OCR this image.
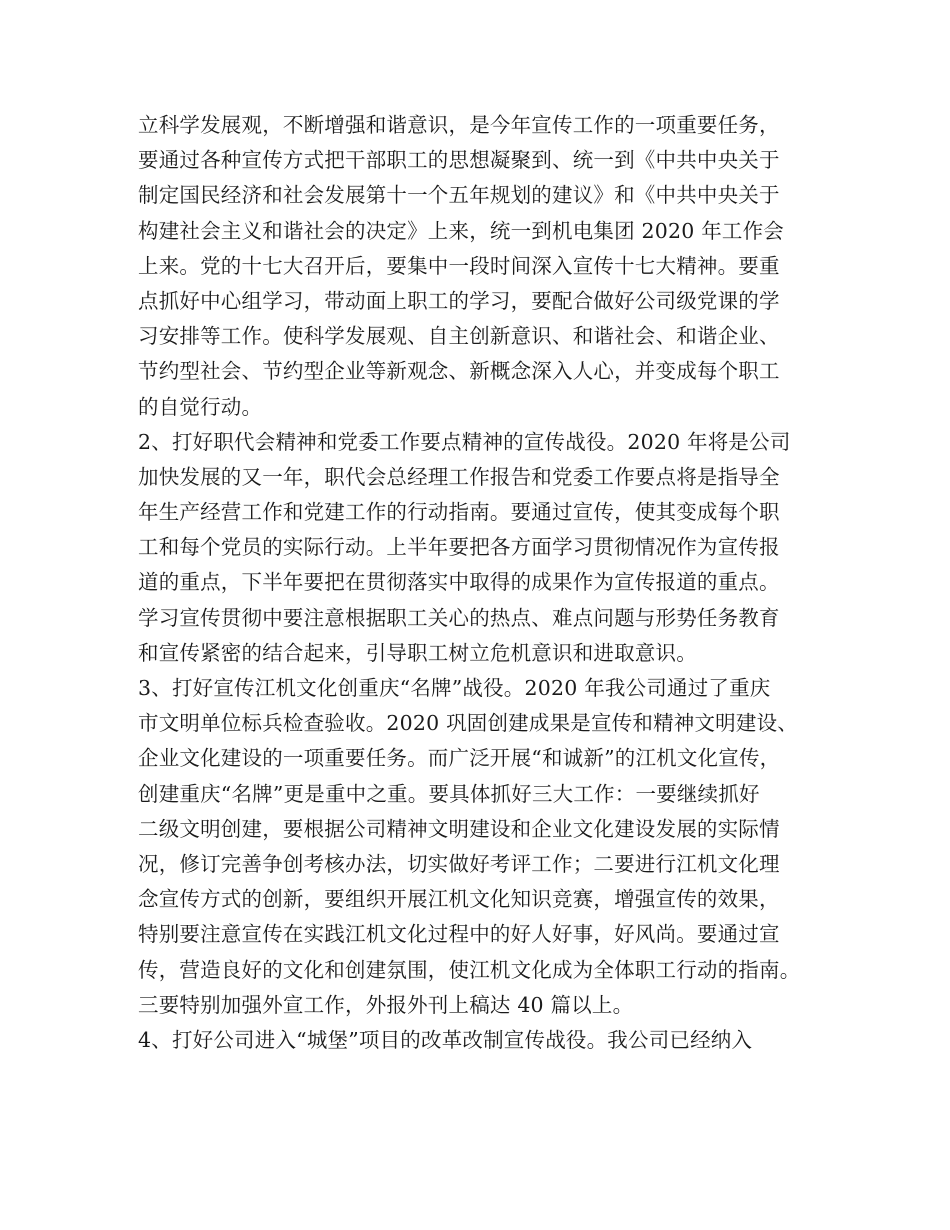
立科学发展观，不断增强和谐意识，是今年宣传工作的一项重要任务，
要通过各种宣传方式把干部职工的思想凝聚到、统一到《中共中央关于
制定国民经济和社会发展第十一个五年规划的建议》和《中共中央关于
构建社会主义和谐社会的决定》上来，统一到机电集团 2020 年工作会
上来。党的十七大召开后，要集中一段时间深入宣传十七大精神。要重
点抓好中心组学习，带动面上职工的学习，要配合做好公司级党课的学
习安排等工作。使科学发展观、自主创新意识、和谐社会、和谐企业、
节约型社会、节约型企业等新观念、新概念深入人心，并变成每个职工
的自觉行动。
2、打好职代会精神和党委工作要点精神的宣传战役。2020 年将是公司
加快发展的又一年，职代会总经理工作报告和党委工作要点将是指导全
年生产经营工作和党建工作的行动指南。要通过宣传，使其变成每个职
工和每个党员的实际行动。上半年要把各方面学习贯彻情况作为宣传报
道的重点，下半年要把在贯彻落实中取得的成果作为宣传报道的重点。
学习宣传贯彻中要注意根据职工关心的热点、难点问题与形势任务教育
和宣传紧密的结合起来，引导职工树立危机意识和进取意识。
3、打好宣传江机文化创重庆“名牌”战役。2020 年我公司通过了重庆
市文明单位标兵检查验收。2020 巩固创建成果是宣传和精神文明建设、
企业文化建设的一项重要任务。而广泛开展“和诚新”的江机文化宣传，
创建重庆“名牌”更是重中之重。要具体抓好三大工作：一要继续抓好
二级文明创建，要根据公司精神文明建设和企业文化建设发展的实际情
况，修订完善争创考核办法，切实做好考评工作；二要进行江机文化理
念宣传方式的创新，要组织开展江机文化知识竞赛，增强宣传的效果，
特别要注意宣传在实践江机文化过程中的好人好事，好风尚。要通过宣
传，营造良好的文化和创建氛围，使江机文化成为全体职工行动的指南。
三要特别加强外宣工作，外报外刊上稿达 40 篇以上。
4、打好公司进入“城堡”项目的改革改制宣传战役。我公司已经纳入
